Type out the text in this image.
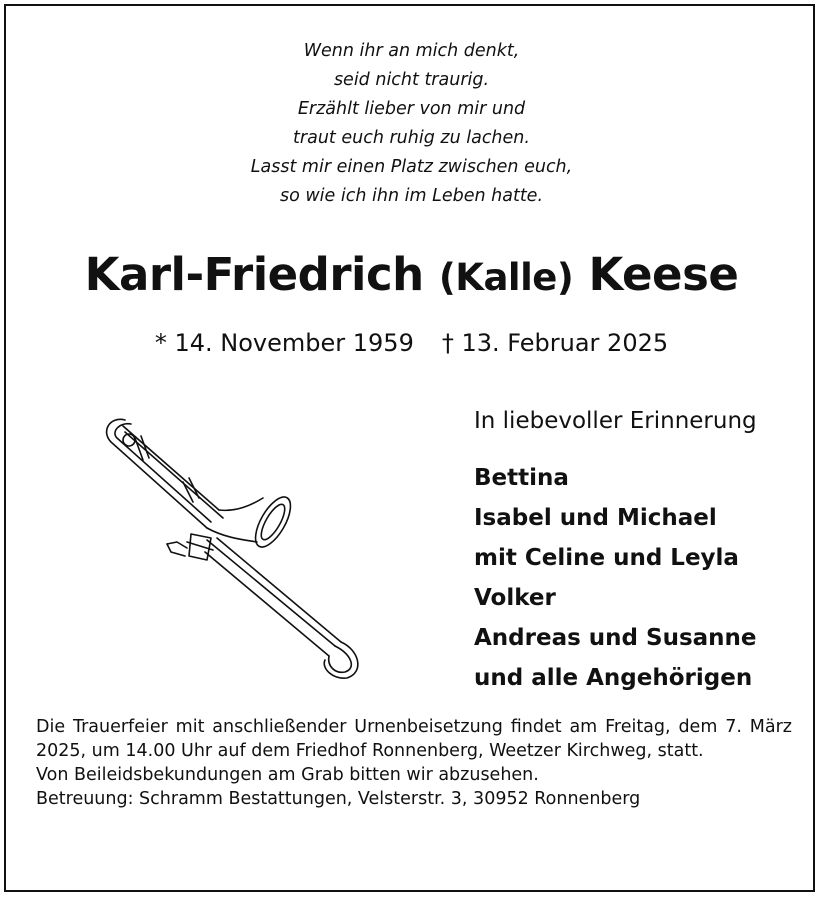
Wenn ihr an mich denkt,
seid nicht traurig.
Erzählt lieber von mir und
traut euch ruhig zu lachen.
Lasst mir einen Platz zwischen euch,
so wie ich ihn im Leben hatte.
Karl-Friedrich (Kalle) Keese
* 14. November 1959 † 13. Februar 2025
In liebevoller Erinnerung
Bettina
Isabel und Michael
mit Celine und Leyla
Volker
Andreas und Susanne
und alle Angehörigen

Die Trauerfeier mit anschließender Urnenbeisetzung findet am Freitag, dem 7. März 2025, um 14.00 Uhr auf dem Friedhof Ronnenberg, Weetzer Kirchweg, statt.

Von Beileidsbekundungen am Grab bitten wir abzusehen.

Betreuung: Schramm Bestattungen, Velsterstr. 3, 30952 Ronnenberg
